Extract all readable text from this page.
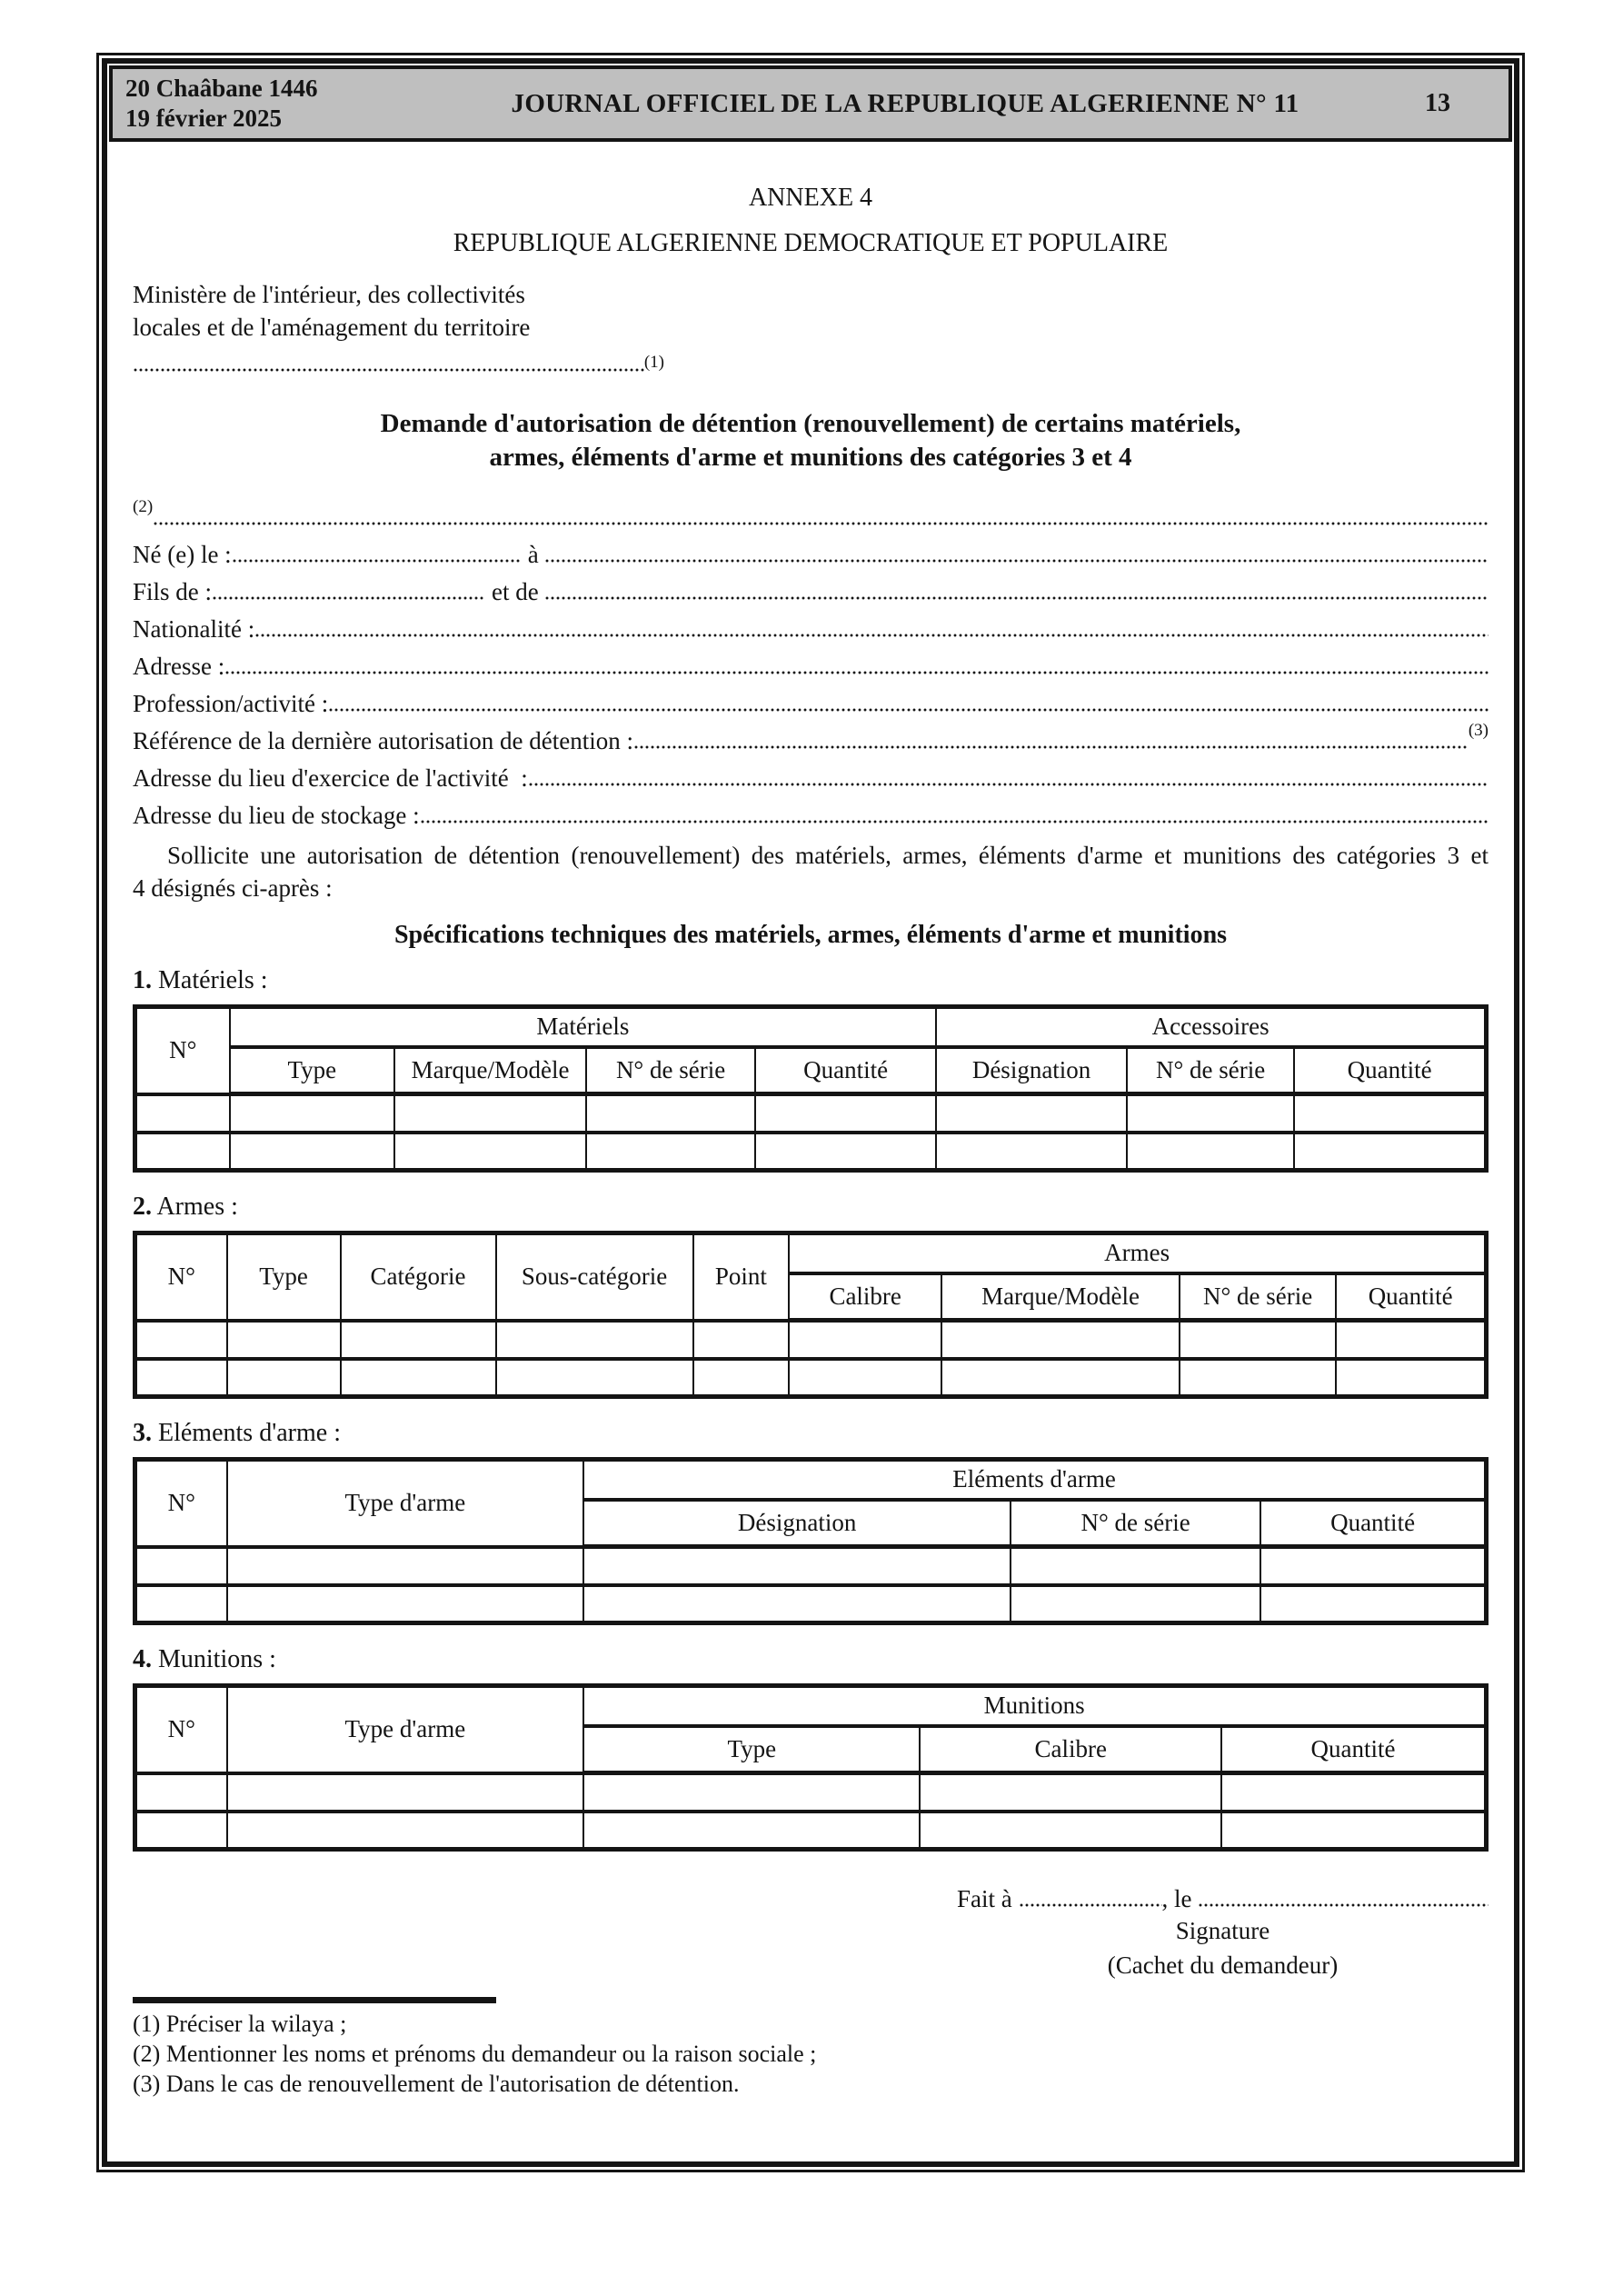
20 Chaâbane 1446
19 février 2025
JOURNAL OFFICIEL DE LA REPUBLIQUE ALGERIENNE N° 11	13
ANNEXE 4
REPUBLIQUE ALGERIENNE DEMOCRATIQUE ET POPULAIRE
Ministère de l'intérieur, des collectivités
locales et de l'aménagement du territoire
(1)
Demande d'autorisation de détention (renouvellement) de certains matériels,
armes, éléments d'arme et munitions des catégories 3 et 4
(2)
Né (e) le :	à
Fils de :	et de
Nationalité :
Adresse :
Profession/activité :
Référence de la dernière autorisation de détention :	(3)
Adresse du lieu d'exercice de l'activité  :
Adresse du lieu de stockage :
Sollicite une autorisation de détention (renouvellement) des matériels, armes, éléments d'arme et munitions des catégories 3 et
4 désignés ci-après :
Spécifications techniques des matériels, armes, éléments d'arme et munitions
1. Matériels :
N°	Matériels				Accessoires		
	Type	Marque/Modèle	N° de série	Quantité	Désignation	N° de série	Quantité

2. Armes :
N°	Type	Catégorie	Sous-catégorie	Point	Armes			
					Calibre	Marque/Modèle	N° de série	Quantité

3. Eléments d'arme :
N°	Type d'arme	Eléments d'arme		
		Désignation	N° de série	Quantité

4. Munitions :
N°	Type d'arme	Munitions		
		Type	Calibre	Quantité

Fait à	, le
Signature
(Cachet du demandeur)
(1) Préciser la wilaya ;
(2) Mentionner les noms et prénoms du demandeur ou la raison sociale ;
(3) Dans le cas de renouvellement de l'autorisation de détention.
